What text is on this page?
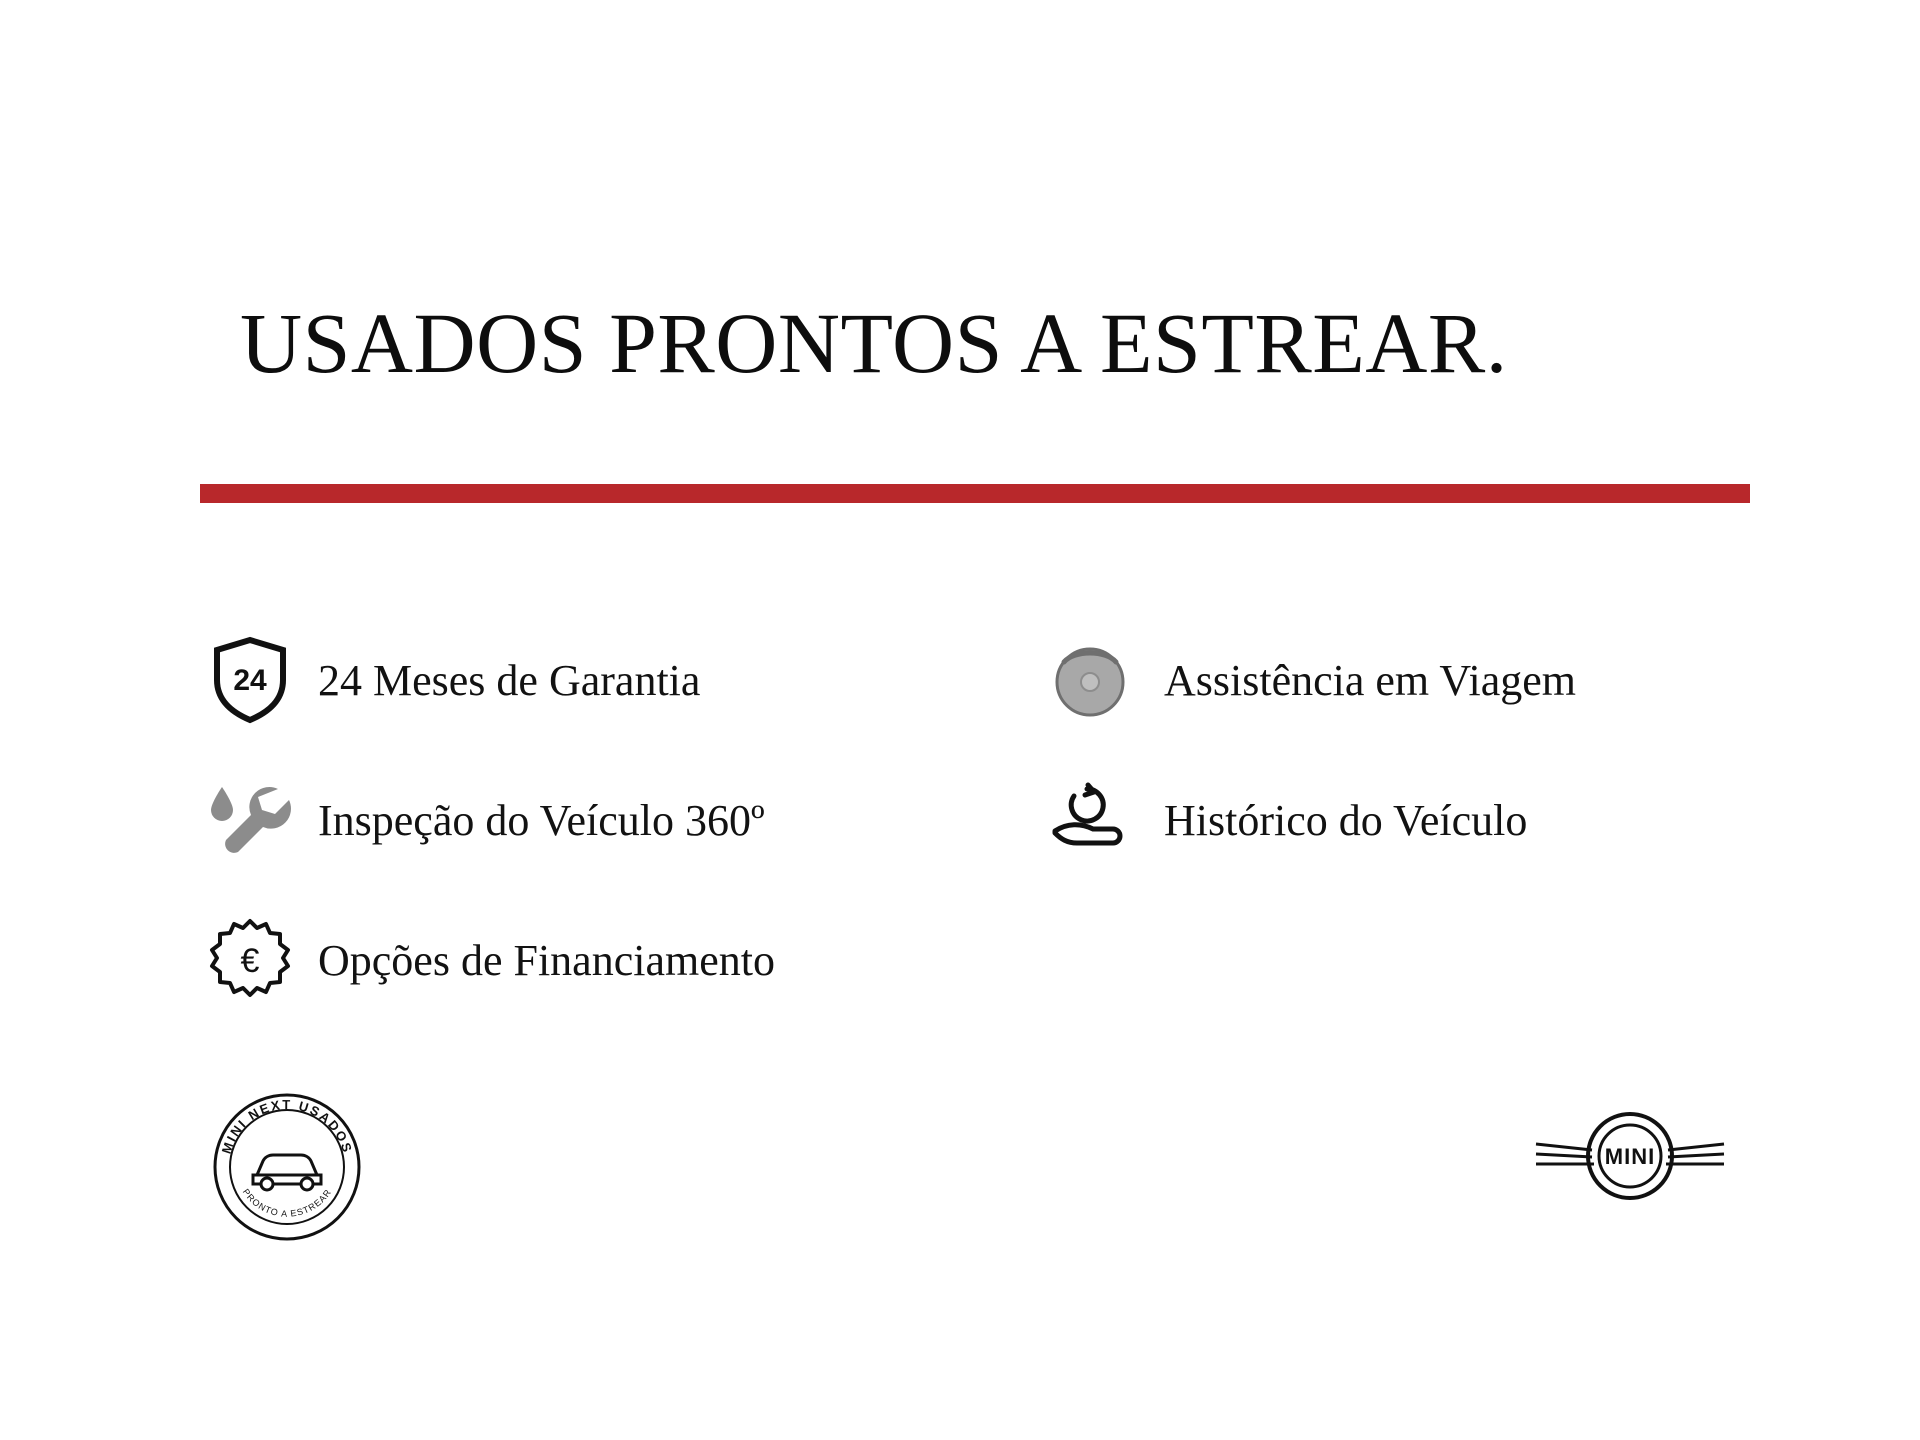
USADOS PRONTOS A ESTREAR.
24 24 Meses de Garantia	Assistência em Viagem
Inspeção do Veículo 360º	Histórico do Veículo
€ Opções de Financiamento
MINI NEXT USADOS
PRONTO A ESTREAR
MINI
